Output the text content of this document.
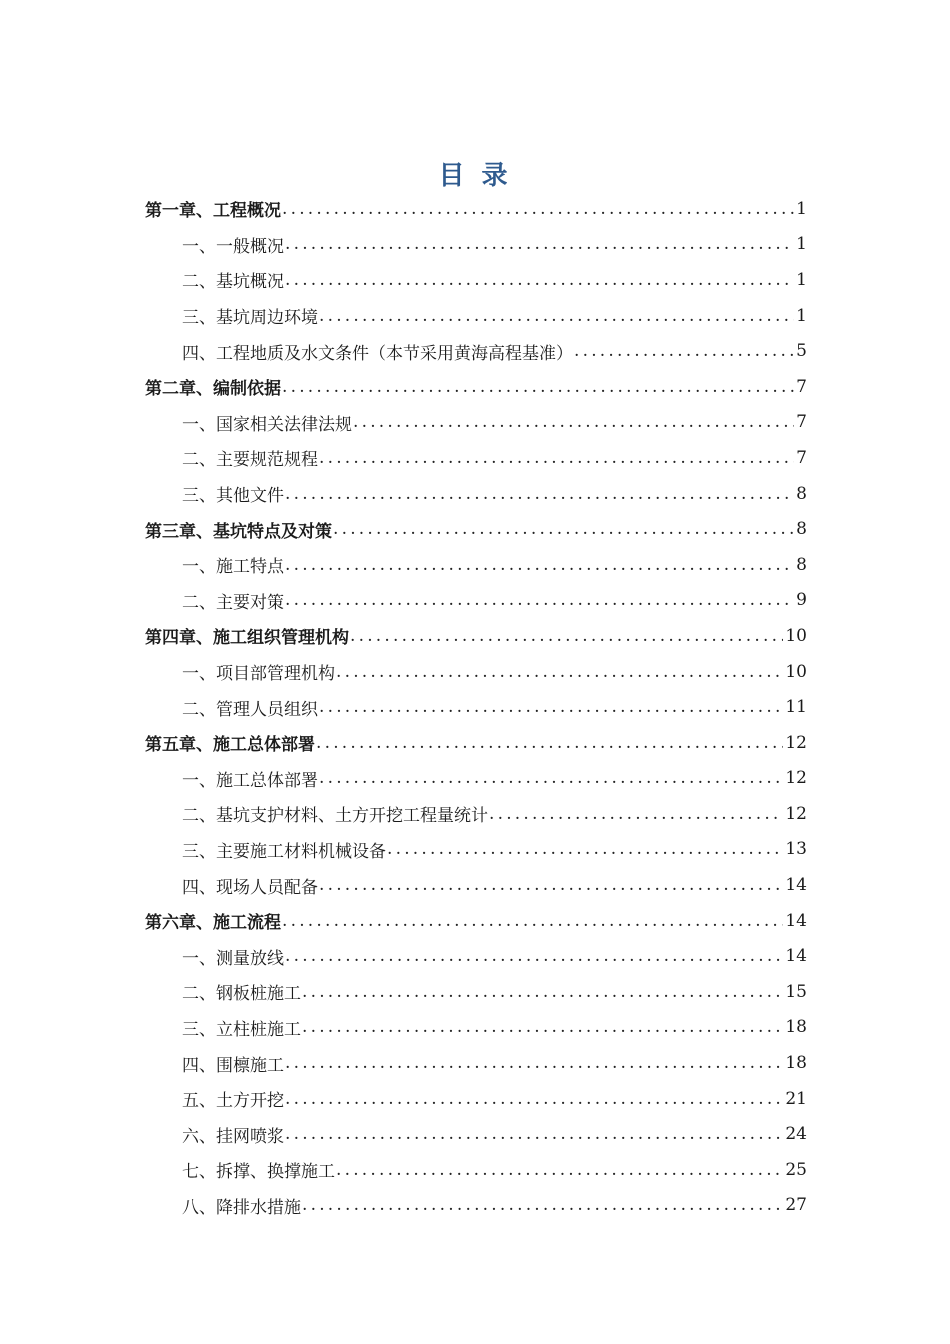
目 录
第一章、工程概况 .....	1
一、一般概况 .....	1
二、基坑概况 .....	1
三、基坑周边环境 .....	1
四、工程地质及水文条件（本节采用黄海高程基准） .....	5
第二章、编制依据 .....	7
一、国家相关法律法规 .....	7
二、主要规范规程 .....	7
三、其他文件 .....	8
第三章、基坑特点及对策 .....	8
一、施工特点 .....	8
二、主要对策 .....	9
第四章、施工组织管理机构 .....	10
一、项目部管理机构 .....	10
二、管理人员组织 .....	11
第五章、施工总体部署 .....	12
一、施工总体部署 .....	12
二、基坑支护材料、土方开挖工程量统计 .....	12
三、主要施工材料机械设备 .....	13
四、现场人员配备 .....	14
第六章、施工流程 .....	14
一、测量放线 .....	14
二、钢板桩施工 .....	15
三、立柱桩施工 .....	18
四、围檩施工 .....	18
五、土方开挖 .....	21
六、挂网喷浆 .....	24
七、拆撑、换撑施工 .....	25
八、降排水措施 .....	27
